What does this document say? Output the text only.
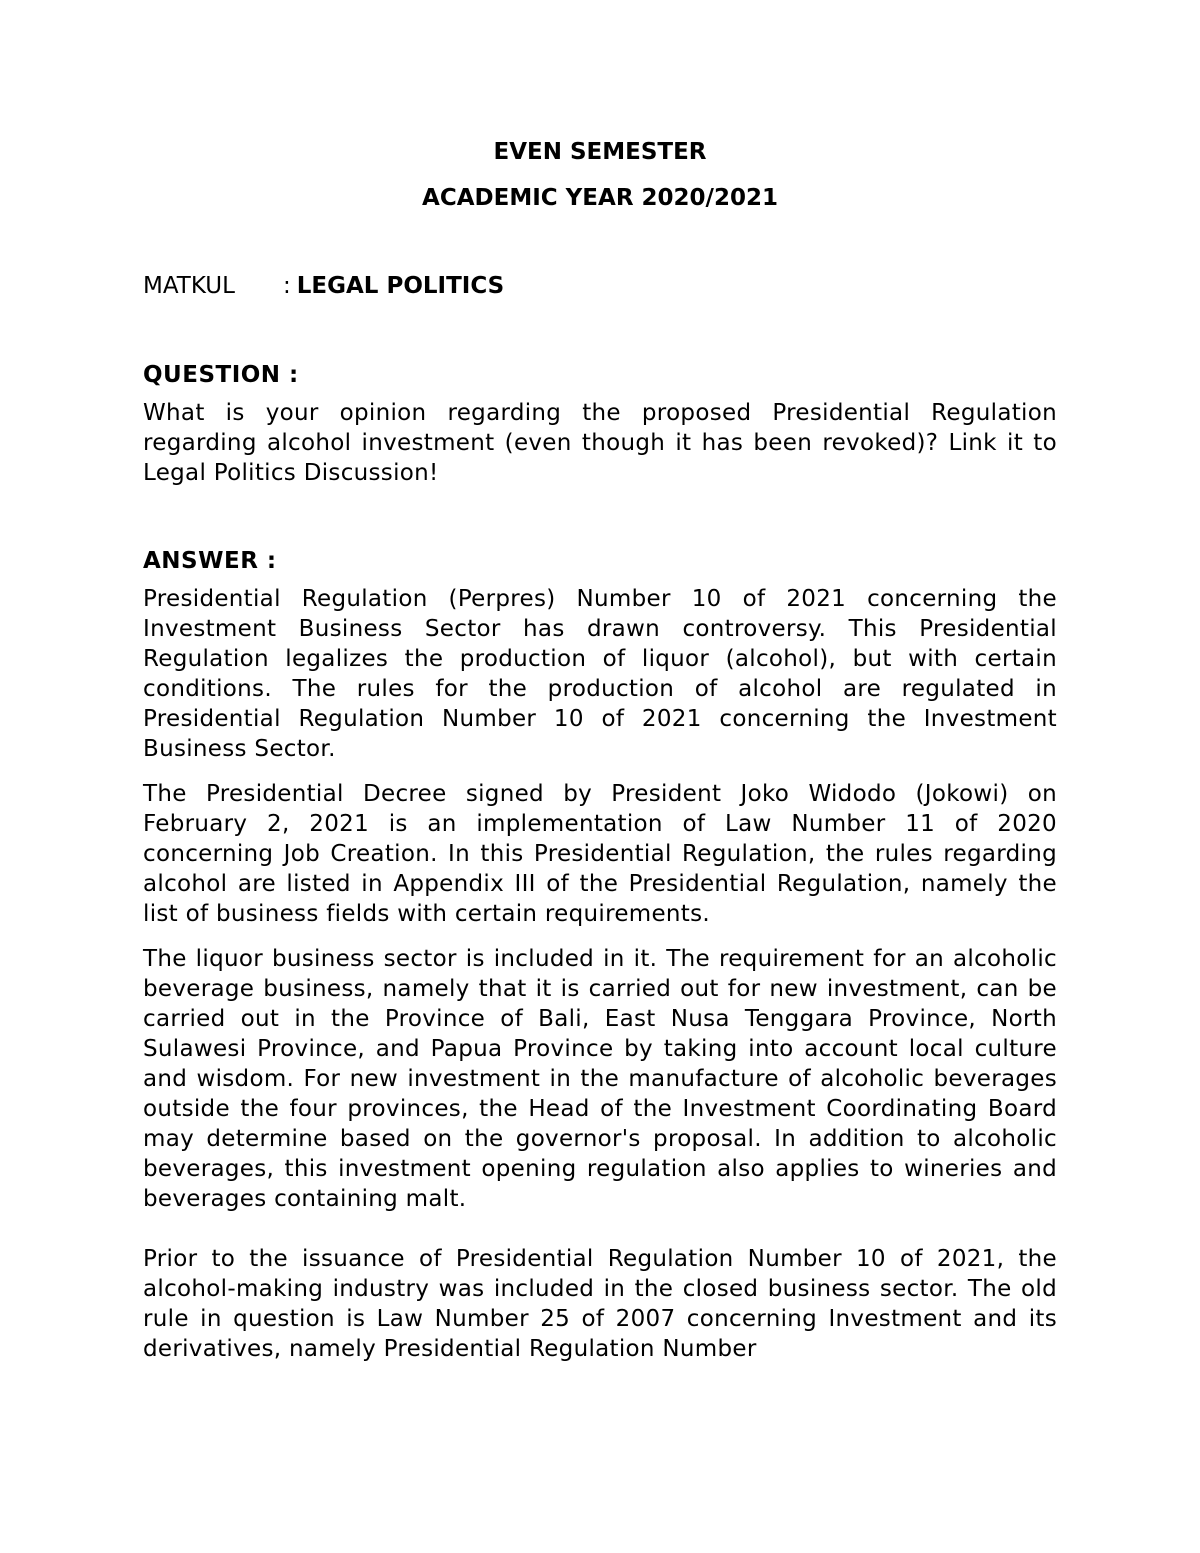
EVEN SEMESTER

ACADEMIC YEAR 2020/2021

MATKUL	: LEGAL POLITICS

QUESTION :

What is your opinion regarding the proposed Presidential Regulation regarding alcohol investment (even though it has been revoked)? Link it to Legal Politics Discussion!

ANSWER :

Presidential Regulation (Perpres) Number 10 of 2021 concerning the Investment Business Sector has drawn controversy. This Presidential Regulation legalizes the production of liquor (alcohol), but with certain conditions. The rules for the production of alcohol are regulated in Presidential Regulation Number 10 of 2021 concerning the Investment Business Sector.

The Presidential Decree signed by President Joko Widodo (Jokowi) on February 2, 2021 is an implementation of Law Number 11 of 2020 concerning Job Creation. In this Presidential Regulation, the rules regarding alcohol are listed in Appendix III of the Presidential Regulation, namely the list of business fields with certain requirements.

The liquor business sector is included in it. The requirement for an alcoholic beverage business, namely that it is carried out for new investment, can be carried out in the Province of Bali, East Nusa Tenggara Province, North Sulawesi Province, and Papua Province by taking into account local culture and wisdom. For new investment in the manufacture of alcoholic beverages outside the four provinces, the Head of the Investment Coordinating Board may determine based on the governor's proposal. In addition to alcoholic beverages, this investment opening regulation also applies to wineries and beverages containing malt.

Prior to the issuance of Presidential Regulation Number 10 of 2021, the alcohol-making industry was included in the closed business sector. The old rule in question is Law Number 25 of 2007 concerning Investment and its derivatives, namely Presidential Regulation Number
